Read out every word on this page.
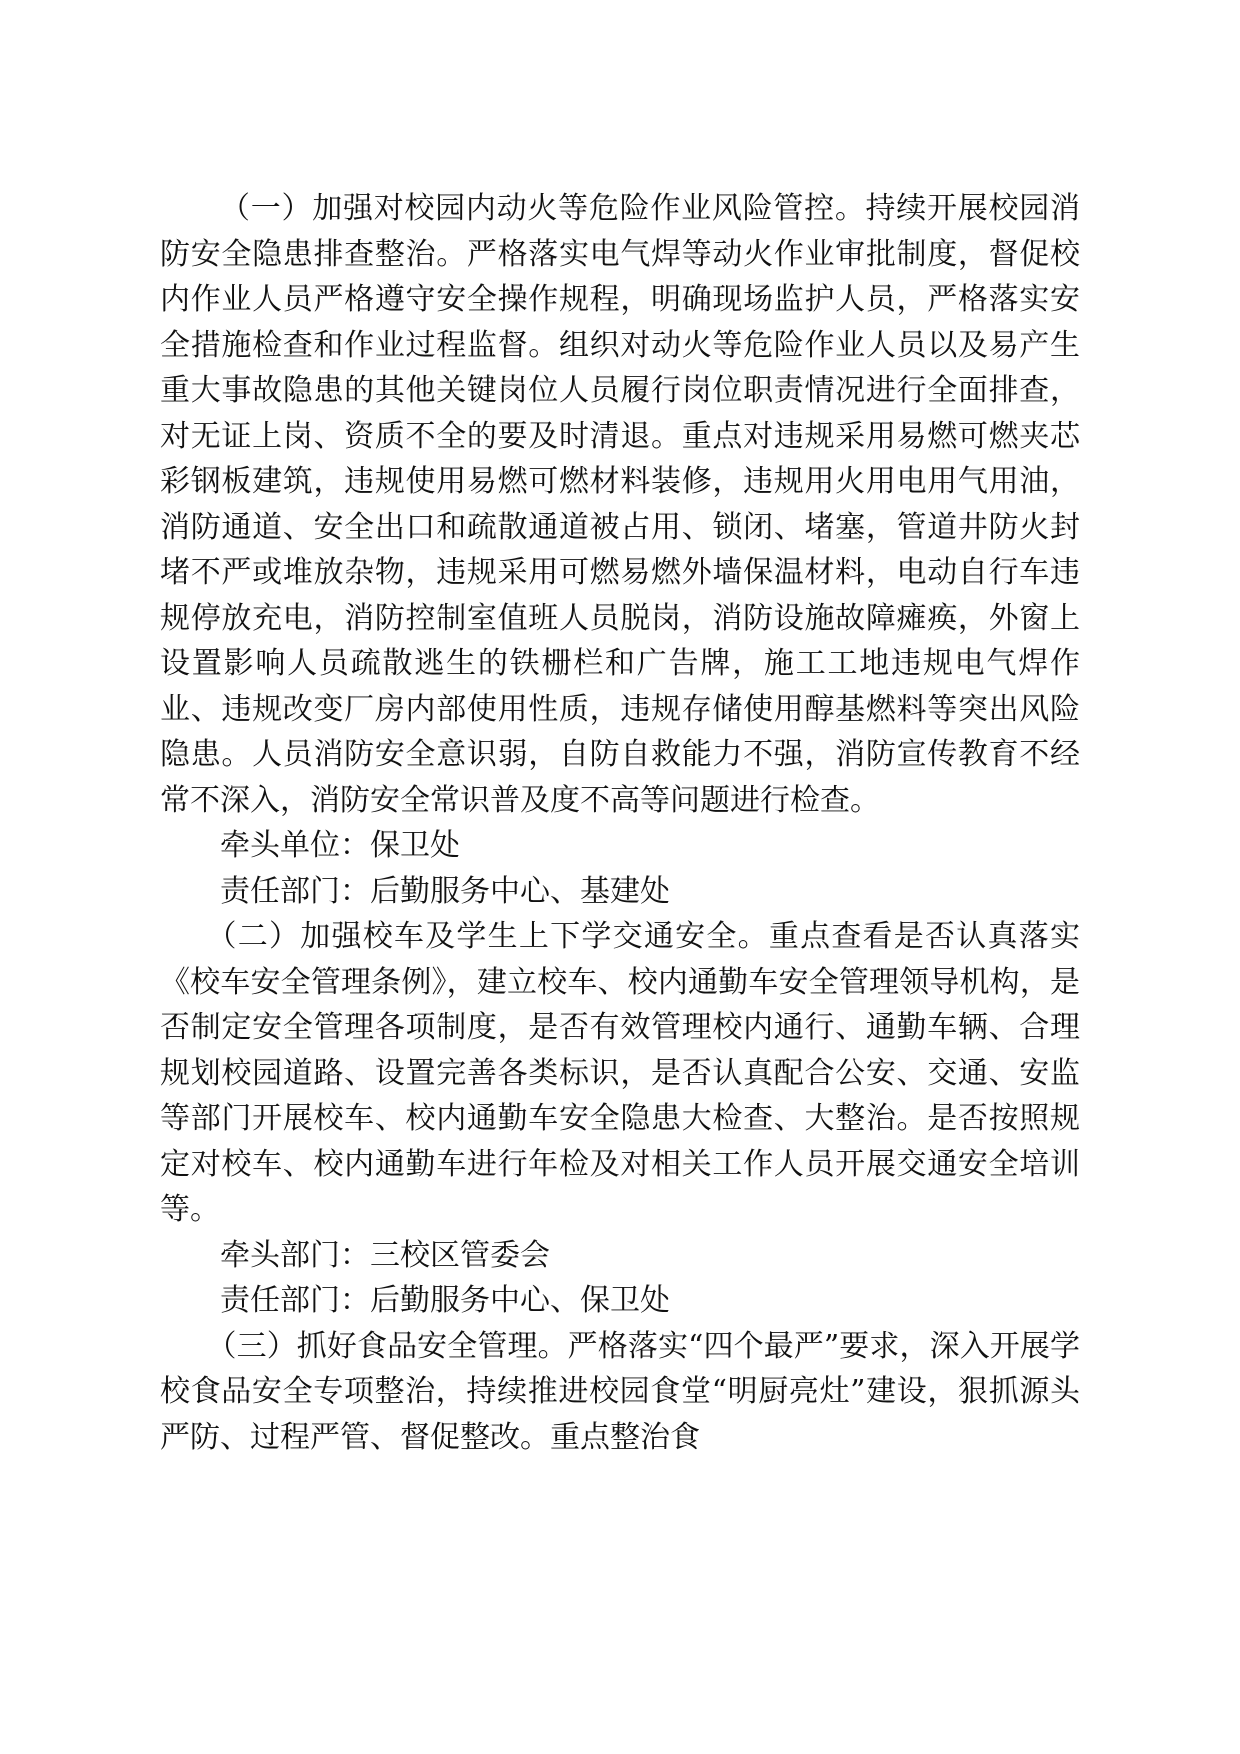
（一）加强对校园内动火等危险作业风险管控。持续开展校园消防安全隐患排查整治。严格落实电气焊等动火作业审批制度，督促校内作业人员严格遵守安全操作规程，明确现场监护人员，严格落实安全措施检查和作业过程监督。组织对动火等危险作业人员以及易产生重大事故隐患的其他关键岗位人员履行岗位职责情况进行全面排查，对无证上岗、资质不全的要及时清退。重点对违规采用易燃可燃夹芯彩钢板建筑，违规使用易燃可燃材料装修，违规用火用电用气用油，消防通道、安全出口和疏散通道被占用、锁闭、堵塞，管道井防火封堵不严或堆放杂物，违规采用可燃易燃外墙保温材料，电动自行车违规停放充电，消防控制室值班人员脱岗，消防设施故障瘫痪，外窗上设置影响人员疏散逃生的铁栅栏和广告牌，施工工地违规电气焊作业、违规改变厂房内部使用性质，违规存储使用醇基燃料等突出风险隐患。人员消防安全意识弱，自防自救能力不强，消防宣传教育不经常不深入，消防安全常识普及度不高等问题进行检查。

牵头单位：保卫处

责任部门：后勤服务中心、基建处

（二）加强校车及学生上下学交通安全。重点查看是否认真落实《校车安全管理条例》，建立校车、校内通勤车安全管理领导机构，是否制定安全管理各项制度，是否有效管理校内通行、通勤车辆、合理规划校园道路、设置完善各类标识，是否认真配合公安、交通、安监等部门开展校车、校内通勤车安全隐患大检查、大整治。是否按照规定对校车、校内通勤车进行年检及对相关工作人员开展交通安全培训等。

牵头部门：三校区管委会

责任部门：后勤服务中心、保卫处

（三）抓好食品安全管理。严格落实“四个最严”要求，深入开展学校食品安全专项整治，持续推进校园食堂“明厨亮灶”建设，狠抓源头严防、过程严管、督促整改。重点整治食
